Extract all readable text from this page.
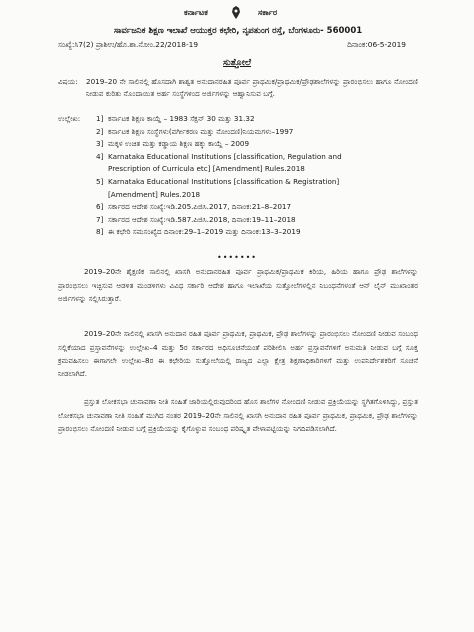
ಕರ್ನಾಟಕ	ಸರ್ಕಾರ
ಸಾರ್ವಜನಿಕ ಶಿಕ್ಷಣ ಇಲಾಖೆ ಆಯುಕ್ತರ ಕಛೇರಿ, ನೃಪತುಂಗ ರಸ್ತೆ, ಬೆಂಗಳೂರು- 560001
ಸಂಖ್ಯೆ:ಸಿ7(2) ಪ್ರಾಶಿಉ/ಹೊ.ಶಾ.ನೋಂ.22/2018-19	ದಿನಾಂಕ:06-5-2019
ಸುತ್ತೋಲೆ
ವಿಷಯ: 2019–20 ನೇ ಸಾಲಿನಲ್ಲಿ ಹೊಸದಾಗಿ ಶಾಶ್ವತ ಅನುದಾನರಹಿತ ಪೂರ್ವ ಪ್ರಾಥಮಿಕ/ಪ್ರಾಥಮಿಕ/ಪ್ರೌಢಶಾಲೆಗಳನ್ನು ಪ್ರಾರಂಭಿಸಲು ಹಾಗೂ ನೋಂದಣಿ ನೀಡುವ ಕುರಿತು ನೊಂದಾಯಿತ ಅರ್ಹ ಸಂಸ್ಥೆಗಳಿಂದ ಅರ್ಜಿಗಳನ್ನು ಆಹ್ವಾನಿಸುವ ಬಗ್ಗೆ.
ಉಲ್ಲೇಖ: 1] ಕರ್ನಾಟಕ ಶಿಕ್ಷಣ ಕಾಯ್ದೆ – 1983 ಸೆಕ್ಷನ್ 30 ಮತ್ತು 31.32
2] ಕರ್ನಾಟಕ ಶಿಕ್ಷಣ ಸಂಸ್ಥೆಗಳು(ವರ್ಗೀಕರಣ ಮತ್ತು ನೋಂದಣಿ)ನಿಯಮಗಳು–1997
3] ಮಕ್ಕಳ ಉಚಿತ ಮತ್ತು ಕಡ್ಡಾಯ ಶಿಕ್ಷಣ ಹಕ್ಕು ಕಾಯ್ದೆ – 2009
4] Karnataka Educational Institutions [classification, Regulation and
Prescription of Curricula etc] [Amendment] Rules.2018
5] Karnataka Educational Institutions [classification & Registration]
[Amendment] Rules.2018
6] ಸರ್ಕಾರದ ಆದೇಶ ಸಂಖ್ಯೆ:ಇಡಿ.205.ಪಿಜಿಸಿ.2017, ದಿನಾಂಕ:21–8–2017
7] ಸರ್ಕಾರದ ಆದೇಶ ಸಂಖ್ಯೆ:ಇಡಿ.587.ಪಿಜಿಸಿ.2018, ದಿನಾಂಕ:19–11–2018
8] ಈ ಕಛೇರಿ ಸಮಸಂಖ್ಯೆದ ದಿನಾಂಕ:29–1–2019 ಮತ್ತು ದಿನಾಂಕ:13–3–2019
•••••••

2019–20ನೇ ಶೈಕ್ಷಣಿಕ ಸಾಲಿನಲ್ಲಿ ಖಾಸಗಿ ಅನುದಾನರಹಿತ ಪೂರ್ವ ಪ್ರಾಥಮಿಕ/ಪ್ರಾಥಮಿಕ ಕಿರಿಯ, ಹಿರಿಯ ಹಾಗೂ ಪ್ರೌಢ ಶಾಲೆಗಳನ್ನು ಪ್ರಾರಂಭಿಸಲು ಇಚ್ಛಿಸುವ ಆಡಳಿತ ಮಂಡಳಿಗಳು ವಿವಿಧ ಸರ್ಕಾರಿ ಆದೇಶ ಹಾಗೂ ಇಲಾಖೆಯ ಸುತ್ತೋಲೆಗಳಲ್ಲಿನ ನಿಬಂಧನೆಗಳಂತೆ ಆನ್ ಲೈನ್ ಮುಖಾಂತರ ಅರ್ಜಿಗಳನ್ನು ಸಲ್ಲಿಸಿರುತ್ತಾರೆ.

2019–20ನೇ ಸಾಲಿನಲ್ಲಿ ಖಾಸಗಿ ಅನುದಾನ ರಹಿತ ಪೂರ್ವ ಪ್ರಾಥಮಿಕ, ಪ್ರಾಥಮಿಕ, ಪ್ರೌಢ ಶಾಲೆಗಳನ್ನು ಪ್ರಾರಂಭಿಸಲು ನೋಂದಣಿ ನೀಡುವ ಸಂಬಂಧ ಸಲ್ಲಿಕೆಯಾದ ಪ್ರಸ್ತಾವನೆಗಳನ್ನು ಉಲ್ಲೇಖ–4 ಮತ್ತು 5ರ ಸರ್ಕಾರದ ಅಧಿಸೂಚನೆಯಂತೆ ಪರಿಶೀಲಿಸಿ ಅರ್ಹ ಪ್ರಸ್ತಾವನೆಗಳಿಗೆ ಅನುಮತಿ ನೀಡುವ ಬಗ್ಗೆ ಸೂಕ್ತ ಕ್ರಮವಹಿಸಲು ಈಗಾಗಲೇ ಉಲ್ಲೇಖ–8ರ ಈ ಕಛೇರಿಯ ಸುತ್ತೋಲೆಯಲ್ಲಿ ರಾಜ್ಯದ ಎಲ್ಲಾ ಕ್ಷೇತ್ರ ಶಿಕ್ಷಣಾಧಿಕಾರಿಗಳಿಗೆ ಮತ್ತು ಉಪನಿರ್ದೇಶಕರಿಗೆ ಸೂಚನೆ ನೀಡಲಾಗಿದೆ.

ಪ್ರಸ್ತುತ ಲೋಕಸಭಾ ಚುನಾವಣಾ ನೀತಿ ಸಂಹಿತೆ ಜಾರಿಯಲ್ಲಿರುವುದರಿಂದ ಹೊಸ ಶಾಲೆಗಳ ನೋಂದಣಿ ನೀಡುವ ಪ್ರಕ್ರಿಯೆಯನ್ನು ಸ್ಥಗಿತಗೊಳಿಸಿದ್ದು, ಪ್ರಸ್ತುತ ಲೋಕಸಭಾ ಚುನಾವಣಾ ನೀತಿ ಸಂಹಿತೆ ಮುಗಿದ ನಂತರ 2019–20ನೇ ಸಾಲಿನಲ್ಲಿ ಖಾಸಗಿ ಅನುದಾನ ರಹಿತ ಪೂರ್ವ ಪ್ರಾಥಮಿಕ, ಪ್ರಾಥಮಿಕ, ಪ್ರೌಢ ಶಾಲೆಗಳನ್ನು ಪ್ರಾರಂಭಿಸಲು ನೋಂದಣಿ ನೀಡುವ ಬಗ್ಗೆ ಪ್ರಕ್ರಿಯೆಯನ್ನು ಕೈಗೊಳ್ಳುವ ಸಂಬಂಧ ಪರಿಷ್ಕೃತ ವೇಳಾಪಟ್ಟಿಯನ್ನು ನಿಗದಿಪಡಿಸಲಾಗಿದೆ.
